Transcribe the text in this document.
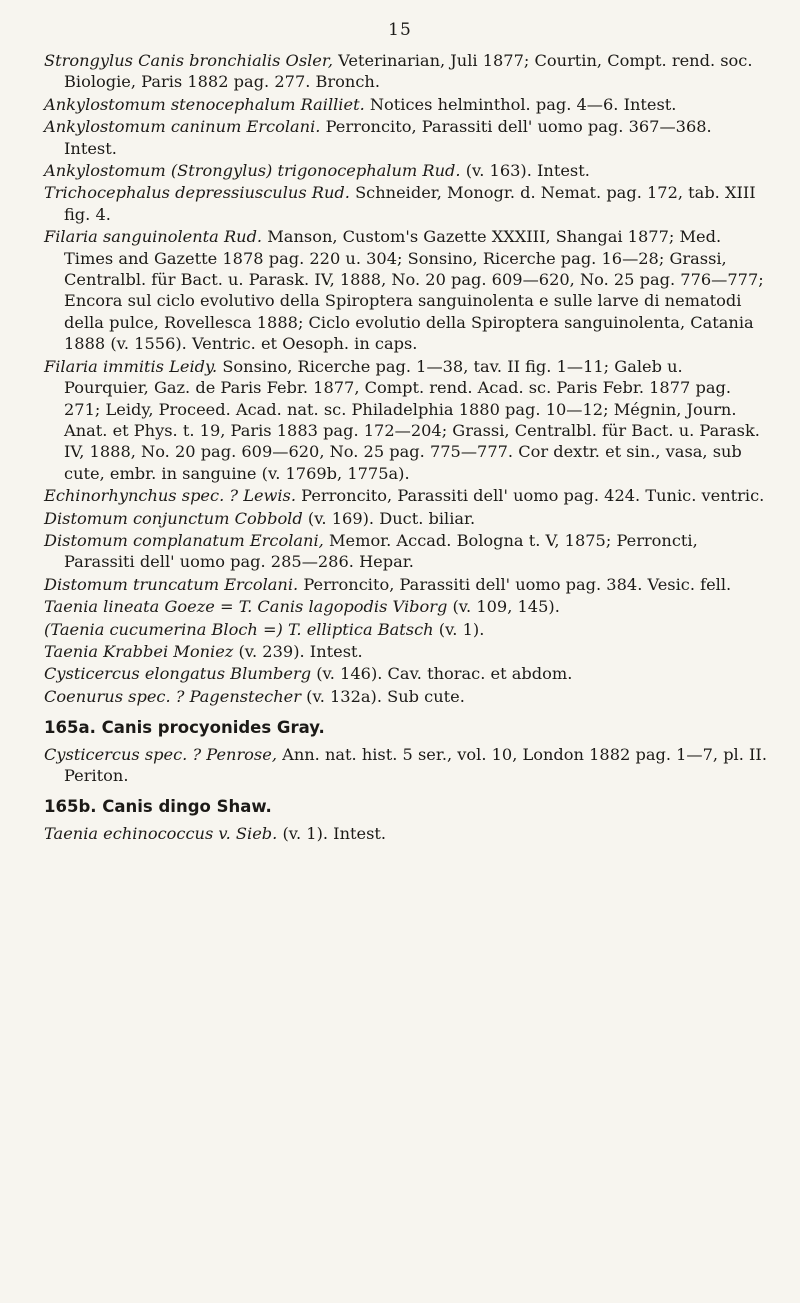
15

Strongylus Canis bronchialis Osler, Veterinarian, Juli 1877; Courtin, Compt. rend. soc. Biologie, Paris 1882 pag. 277. Bronch.

Ankylostomum stenocephalum Railliet. Notices helminthol. pag. 4—6. Intest.

Ankylostomum caninum Ercolani. Perroncito, Parassiti dell' uomo pag. 367—368. Intest.

Ankylostomum (Strongylus) trigonocephalum Rud. (v. 163). Intest.

Trichocephalus depressiusculus Rud. Schneider, Monogr. d. Nemat. pag. 172, tab. XIII fig. 4.

Filaria sanguinolenta Rud. Manson, Custom's Gazette XXXIII, Shangai 1877; Med. Times and Gazette 1878 pag. 220 u. 304; Sonsino, Ricerche pag. 16—28; Grassi, Centralbl. für Bact. u. Parask. IV, 1888, No. 20 pag. 609—620, No. 25 pag. 776—777; Encora sul ciclo evolutivo della Spiroptera sanguinolenta e sulle larve di nematodi della pulce, Rovellesca 1888; Ciclo evolutio della Spiroptera sanguinolenta, Catania 1888 (v. 1556). Ventric. et Oesoph. in caps.

Filaria immitis Leidy. Sonsino, Ricerche pag. 1—38, tav. II fig. 1—11; Galeb u. Pourquier, Gaz. de Paris Febr. 1877, Compt. rend. Acad. sc. Paris Febr. 1877 pag. 271; Leidy, Proceed. Acad. nat. sc. Philadelphia 1880 pag. 10—12; Mégnin, Journ. Anat. et Phys. t. 19, Paris 1883 pag. 172—204; Grassi, Centralbl. für Bact. u. Parask. IV, 1888, No. 20 pag. 609—620, No. 25 pag. 775—777. Cor dextr. et sin., vasa, sub cute, embr. in sanguine (v. 1769b, 1775a).

Echinorhynchus spec. ? Lewis. Perroncito, Parassiti dell' uomo pag. 424. Tunic. ventric.

Distomum conjunctum Cobbold (v. 169). Duct. biliar.

Distomum complanatum Ercolani, Memor. Accad. Bologna t. V, 1875; Perroncti, Parassiti dell' uomo pag. 285—286. Hepar.

Distomum truncatum Ercolani. Perroncito, Parassiti dell' uomo pag. 384. Vesic. fell.

Taenia lineata Goeze = T. Canis lagopodis Viborg (v. 109, 145).

(Taenia cucumerina Bloch =) T. elliptica Batsch (v. 1).

Taenia Krabbei Moniez (v. 239). Intest.

Cysticercus elongatus Blumberg (v. 146). Cav. thorac. et abdom.

Coenurus spec. ? Pagenstecher (v. 132a). Sub cute.

165a. Canis procyonides Gray.

Cysticercus spec. ? Penrose, Ann. nat. hist. 5 ser., vol. 10, London 1882 pag. 1—7, pl. II. Periton.

165b. Canis dingo Shaw.

Taenia echinococcus v. Sieb. (v. 1). Intest.
